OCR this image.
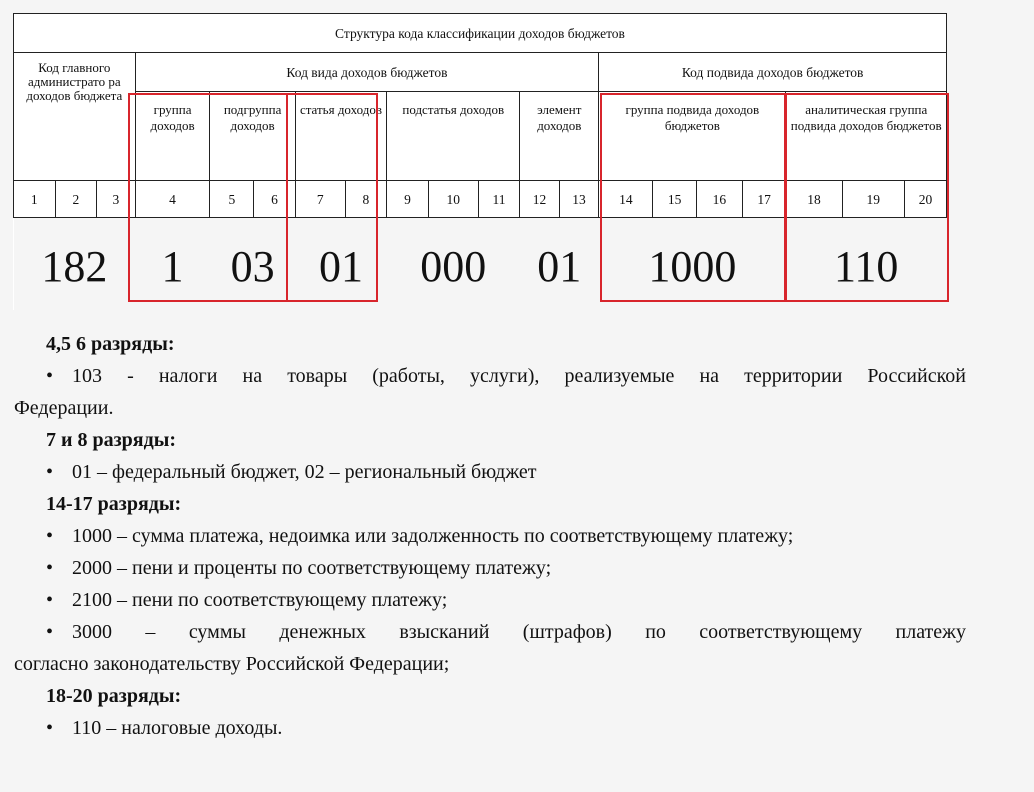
Структура кода классификации доходов бюджетов																			
Код главного администрато ра доходов бюджета			Код вида доходов бюджетов										Код подвида доходов бюджетов						
			группа доходов	подгруппа доходов		статья доходов		подстатья доходов			элемент доходов		группа подвида доходов бюджетов				аналитическая группа подвида доходов бюджетов		
1	2	3	4	5	6	7	8	9	10	11	12	13	14	15	16	17	18	19	20
182			1	03		01		000			01		1000				110		

4,5 6 разряды:

• 103 - налоги на товары (работы, услуги), реализуемые на территории Российской

Федерации.

7 и 8 разряды:

• 01 – федеральный бюджет, 02 – региональный бюджет

14-17 разряды:

• 1000 – сумма платежа, недоимка или задолженность по соответствующему платежу;

• 2000 – пени и проценты по соответствующему платежу;

• 2100 – пени по соответствующему платежу;

• 3000 – суммы денежных взысканий (штрафов) по соответствующему платежу

согласно законодательству Российской Федерации;

18-20 разряды:

• 110 – налоговые доходы.
